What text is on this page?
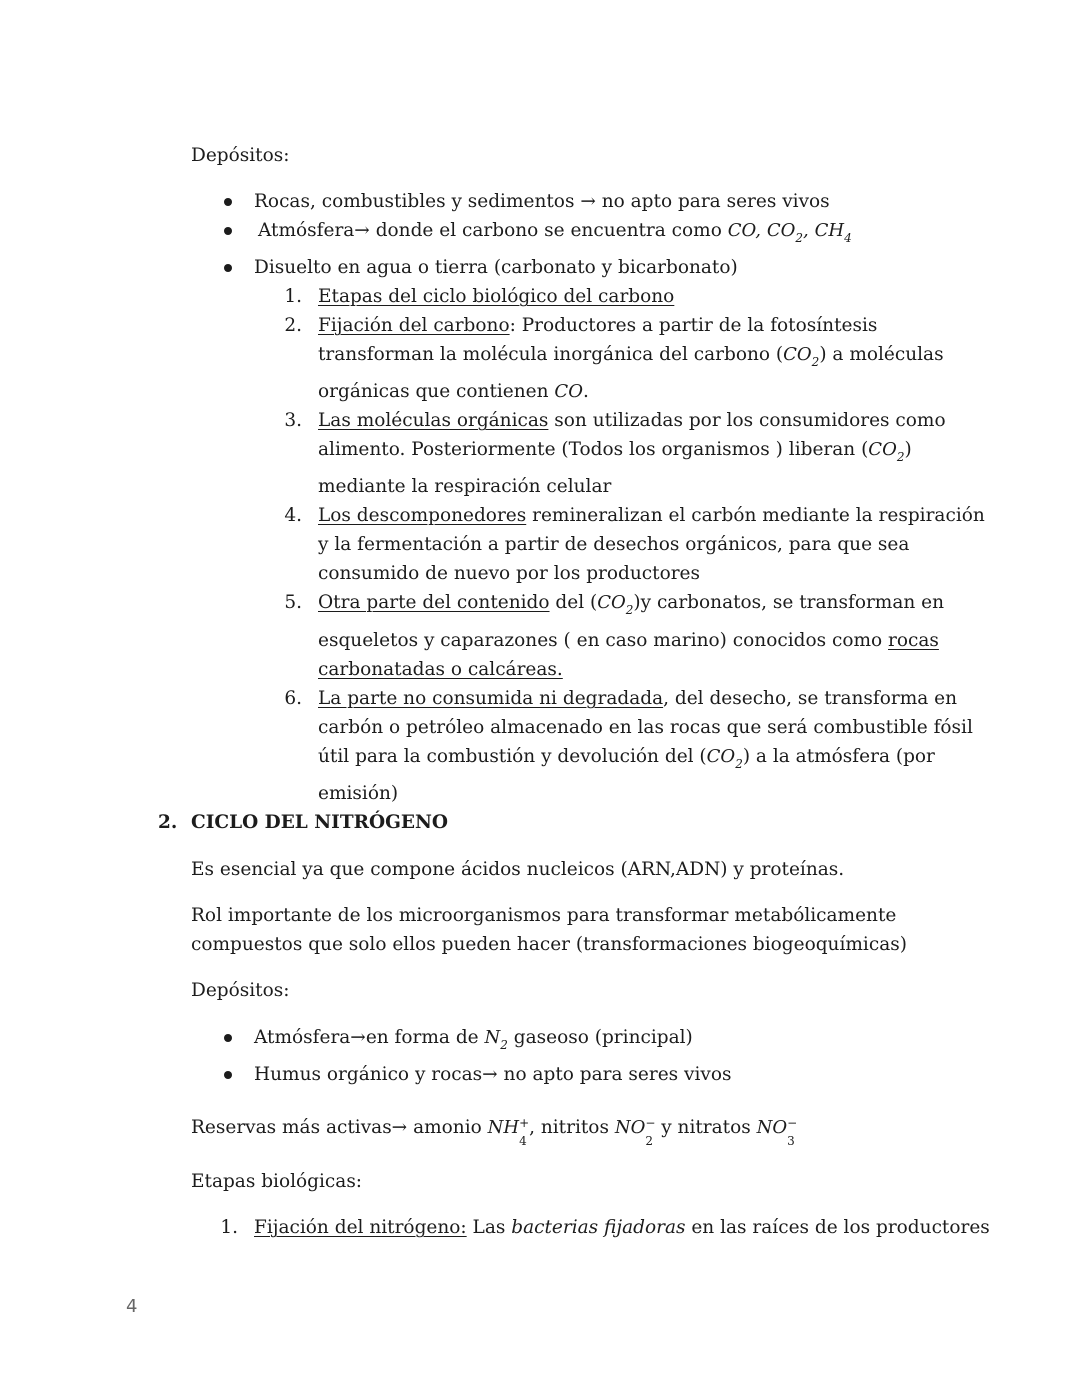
Depósitos:
Rocas, combustibles y sedimentos → no apto para seres vivos
Atmósfera→ donde el carbono se encuentra como CO, $CO_2$, $CH_4$
Disuelto en agua o tierra (carbonato y bicarbonato)
1. Etapas del ciclo biológico del carbono
2. Fijación del carbono: Productores a partir de la fotosíntesis
transforman la molécula inorgánica del carbono $(CO_2)$ a moléculas
orgánicas que contienen CO.
3. Las moléculas orgánicas son utilizadas por los consumidores como
alimento. Posteriormente (Todos los organismos ) liberan $(CO_2)$
mediante la respiración celular
4. Los descomponedores remineralizan el carbón mediante la respiración
y la fermentación a partir de desechos orgánicos, para que sea
consumido de nuevo por los productores
5. Otra parte del contenido del $(CO_2)y$ carbonatos, se transforman en
esqueletos y caparazones ( en caso marino) conocidos como rocas
carbonatadas o calcáreas.
6. La parte no consumida ni degradada, del desecho, se transforma en
carbón o petróleo almacenado en las rocas que será combustible fósil
útil para la combustión y devolución del $(CO_2)$ a la atmósfera (por
emisión)
2. CICLO DEL NITRÓGENO
Es esencial ya que compone ácidos nucleicos (ARN,ADN) y proteínas.
Rol importante de los microorganismos para transformar metabólicamente
compuestos que solo ellos pueden hacer (transformaciones biogeoquímicas)
Depósitos:
Atmósfera→en forma de $N_2$ gaseoso (principal)
Humus orgánico y rocas→ no apto para seres vivos
Reservas más activas→ amonio NH +
4
, nitritos NO −
2
y nitratos NO −
3
Etapas biológicas:
1. Fijación del nitrógeno: Las bacterias fijadoras en las raíces de los productores
4
